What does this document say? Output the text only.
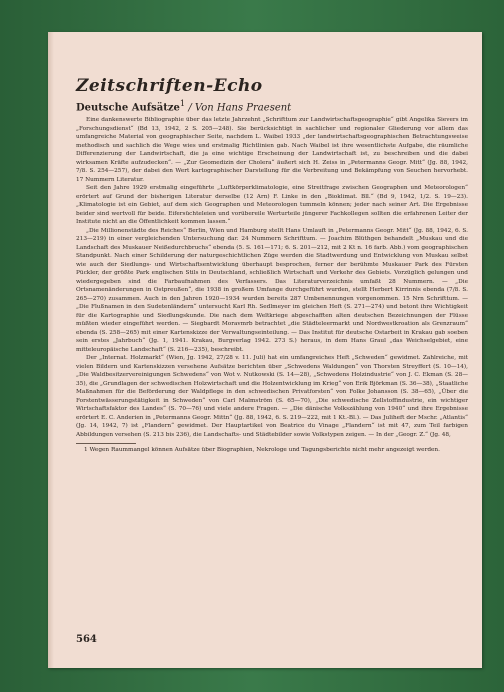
Zeitschriften-Echo
Deutsche Aufsätze$^1$ / Von Hans Praesent

Eine dankenswerte Bibliographie über das letzte Jahrzehnt „Schrifttum zur Landwirtschaftsgeographie“ gibt Angelika Sievers im „Forschungsdienst“ (Bd 13, 1942, 2 S. 205—248). Sie berücksichtigt in sachlicher und regionaler Gliederung vor allem das umfangreiche Material von geographischer Seite, nachdem L. Waibel 1933 „der landwirtschaftsgeographischen Betrachtungsweise methodisch und sachlich die Wege wies und erstmalig Richtlinien gab. Nach Waibel ist ihre wesentlichste Aufgabe, die räumliche Differenzierung der Landwirtschaft, die ja eine wichtige Erscheinung der Landwirtschaft ist, zu beschreiben und die dabei wirksamen Kräfte aufzudecken“. — „Zur Geomedizin der Cholera“ äußert sich H. Zeiss in „Petermanns Geogr. Mitt“ (Jg. 88, 1942, 7/8. S. 254—257), der dabei den Wert kartographischer Darstellung für die Verbreitung und Bekämpfung von Seuchen hervorhebt. 17 Nummern Literatur.

Seit den Jahre 1929 erstmalig eingeführte „Luftkörperklimatologie, eine Streitfrage zwischen Geographen und Meteorologen“ erörtert auf Grund der bisherigen Literatur derselbe (12 Arn) F. Linke in den „Bioklimat. Bll.“ (Bd 9, 1942, 1/2. S. 19—23). „Klimatologie ist ein Gebiet, auf dem sich Geographen und Meteorologen tummeln können; jeder nach seiner Art. Die Ergebnisse beider sind wertvoll für beide. Eifersüchteleien und vorübereile Werturteile jüngerer Fachkollegen sollten die erfahrenen Leiter der Institute nicht an die Öffentlichkeit kommen lassen.“

„Die Millionenstädte des Reiches“ Berlin, Wien und Hamburg stellt Hans Umlauft in „Petermanns Geogr. Mitt“ (Jg. 88, 1942, 6. S. 213—219) in einer vergleichenden Untersuchung dar. 24 Nummern Schrifttum. — Joachim Blüthgen behandelt „Muskau und die Landschaft des Muskauer Neißedurchbruchs“ ebenda (5. S. 161—171; 6. S. 201—212, mit 2 Kt n. 16 farb. Abb.) vom geographischen Standpunkt. Nach einer Schilderung der naturgeschichtlichen Züge werden die Stadtwerdung und Entwicklung von Muskau selbst wie auch der Siedlungs- und Wirtschaftsentwicklung überhaupt besprochen, ferner der berühmte Muskauer Park des Fürsten Pückler, der größte Park englischen Stils in Deutschland, schließlich Wirtschaft und Verkehr des Gebiets. Vorzüglich gelungen und wiedergegeben sind die Farbaufnahmen des Verfassers. Das Literaturverzeichnis umfaßt 28 Nummern. — „Die Ortsnamenänderungen in Ostpreußen“, die 1938 in großem Umfange durchgeführt wurden, stellt Herbert Kirrinnis ebenda (7/8. S. 265—270) zusammen. Auch in den Jahren 1920—1934 wurden bereits 287 Umbenennungen vorgenommen. 15 Nrn Schrifttum. — „Die Flußnamen in den Sudetenländern“ untersucht Karl Rh. Sedlmeyer im gleichen Heft (S. 271—274) und betont ihre Wichtigkeit für die Kartographie und Siedlungskunde. Die nach dem Weltkriege abgeschafften alten deutschen Bezeichnungen der Flüsse müßten wieder eingeführt werden. — Siegbardt Moravmrb betrachtet „die Städteleermarkt und Nordwestkroation als Grenzraum“ ebenda (S. 258—265) mit einer Kartenskizze der Verwaltungseinteilung. — Das Institut für deutsche Ostarbeit in Krakau gab soeben sein erstes „Jahrbuch“ (Jg. 1, 1941. Krakau, Burgverlag 1942. 273 S.) heraus, in dem Hans Graul „das Weichselgebiet, eine mitteleuropäische Landschaft“ (S. 216—235), beschreibt.

Der „Internat. Holzmarkt“ (Wien, Jg. 1942, 27/28 v. 11. Juli) hat ein umfangreiches Heft „Schweden“ gewidmet. Zahlreiche, mit vielen Bildern und Kartenskizzen versehene Aufsätze berichten über „Schwedens Waldungen“ von Thorsten Streyffert (S. 10—14), „Die Waldbesitzervereinigungen Schwedens“ von Wot v. Nutkowski (S. 14—28), „Schwedens Holzindustrie“ von J. C. Ekman (S. 28—35), die „Grundlagen der schwedischen Holzwirtschaft und die Holzentwicklung im Krieg“ von Erik Björkman (S. 36—38), „Staatliche Maßnahmen für die Beförderung der Waldpflege in den schwedischen Privatforsten“ von Folke Johansson (S. 38—65), „Über die Forstentwässerungstätigkeit in Schweden“ von Carl Malmström (S. 65—70), „Die schwedische Zellstoffindustrie, ein wichtiger Wirtschaftsfaktor des Landes“ (S. 70—76) und viele andere Fragen. — „Die dänische Volkszählung von 1940“ und ihre Ergebnisse erörtert E. C. Anderien in „Petermanns Geogr. Mittn“ (Jg. 88, 1942, 6. S. 219—222, mit 1 Kt.-Bl.). — Das Juliheft der Mschr. „Atlantis“ (Jg. 14, 1942, 7) ist „Flandern“ gewidmet. Der Hauptartikel von Beatrice du Vinage „Flandern“ ist mit 47, zum Teil farbigen Abbildungen versehen (S. 213 bis 236), die Landschafts- und Städtebilder sowie Volkstypen zeigen. — In der „Geogr. Z.“ (Jg. 48,

1 Wegen Raummangel können Aufsätze über Biographien, Nekrologe und Tagungsberichte nicht mehr angezeigt werden.

564
